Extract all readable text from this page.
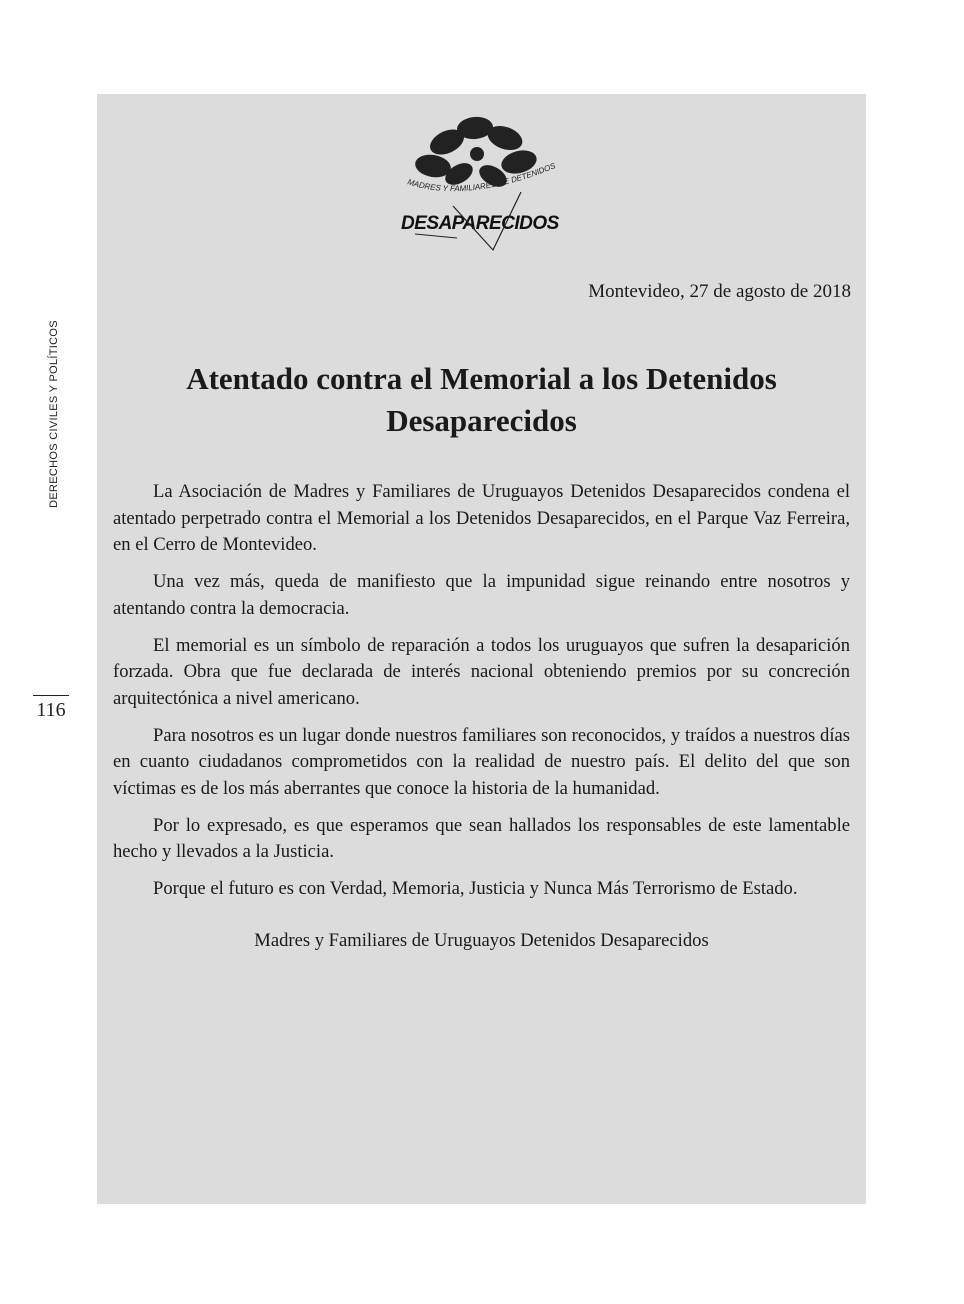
DERECHOS CIVILES Y POLÍTICOS
116
MADRES Y FAMILIARES DE DETENIDOS
DESAPARECIDOS
Montevideo, 27 de agosto de 2018
Atentado contra el Memorial a los Detenidos Desaparecidos

La Asociación de Madres y Familiares de Uruguayos Detenidos Desaparecidos condena el atentado perpetrado contra el Memorial a los Detenidos Desaparecidos, en el Parque Vaz Ferreira, en el Cerro de Montevideo.

Una vez más, queda de manifiesto que la impunidad sigue reinando entre nosotros y atentando contra la democracia.

El memorial es un símbolo de reparación a todos los uruguayos que sufren la desaparición forzada. Obra que fue declarada de interés nacional obteniendo premios por su concreción arquitectónica a nivel americano.

Para nosotros es un lugar donde nuestros familiares son reconocidos, y traídos a nuestros días en cuanto ciudadanos comprometidos con la realidad de nuestro país. El delito del que son víctimas es de los más aberrantes que conoce la historia de la humanidad.

Por lo expresado, es que esperamos que sean hallados los responsables de este lamentable hecho y llevados a la Justicia.

Porque el futuro es con Verdad, Memoria, Justicia y Nunca Más Terrorismo de Estado.

Madres y Familiares de Uruguayos Detenidos Desaparecidos
